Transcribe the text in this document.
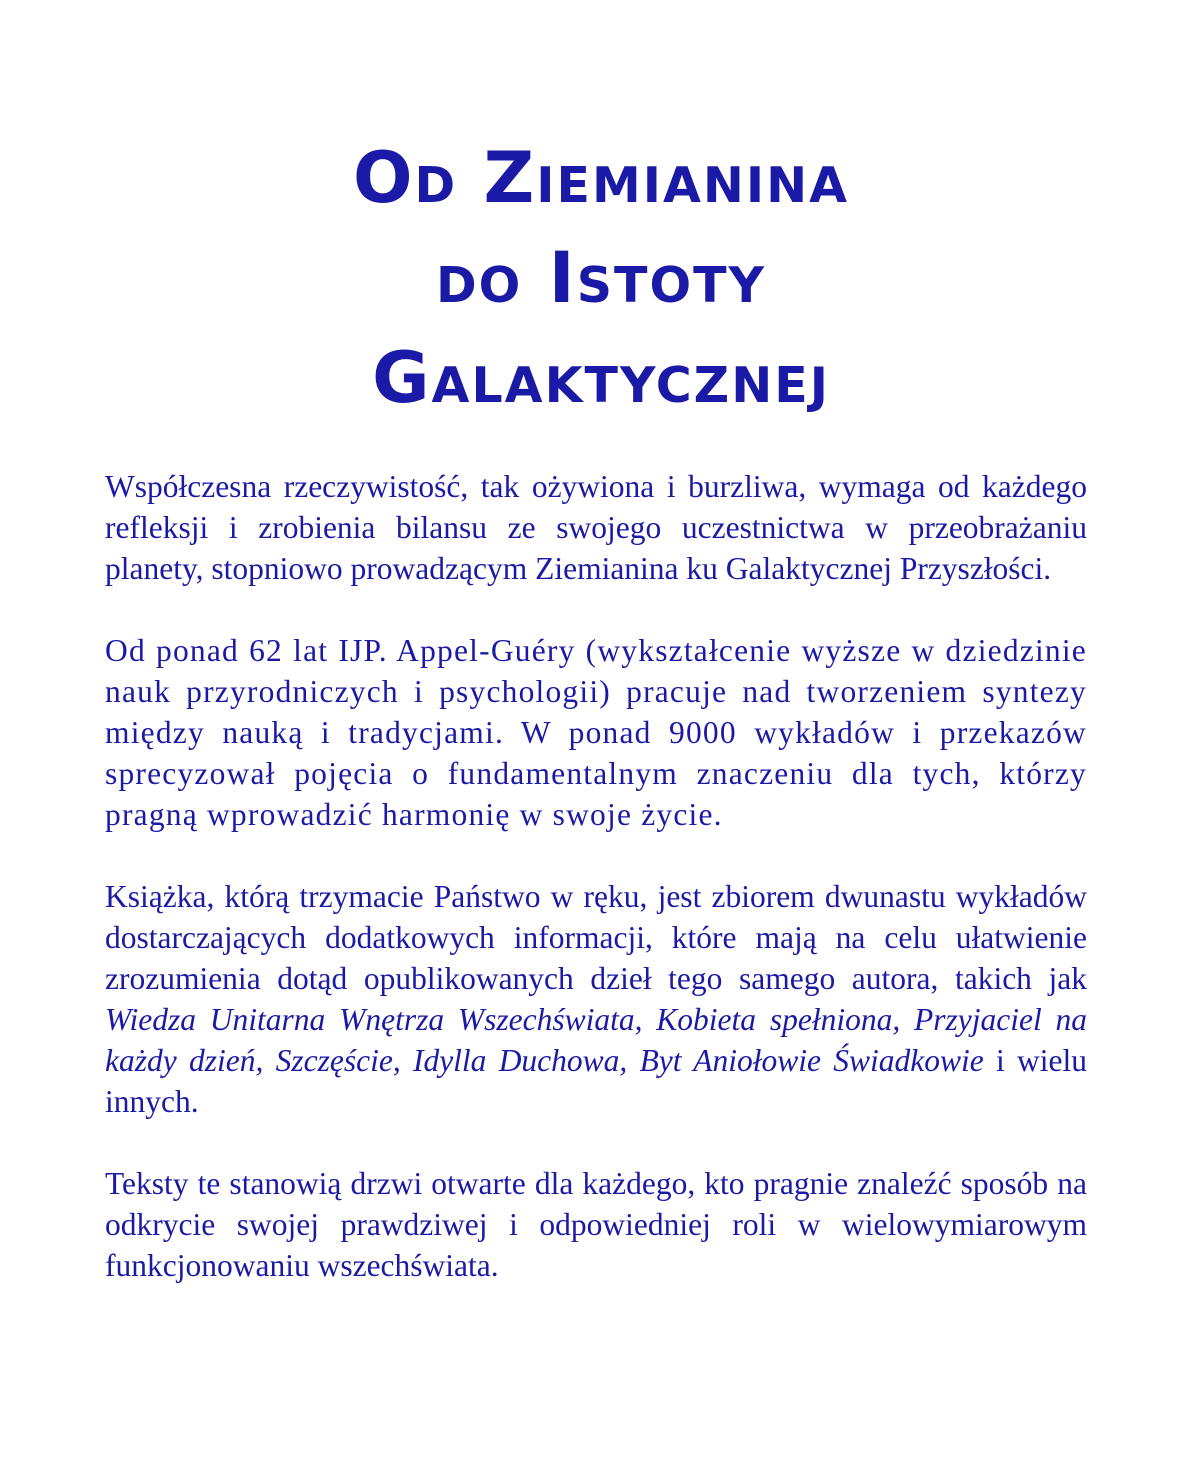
Od Ziemianina
do Istoty
Galaktycznej

Współczesna rzeczywistość, tak ożywiona i burzliwa, wymaga od każdego refleksji i zrobienia bilansu ze swojego uczestnictwa w przeobrażaniu planety, stopniowo prowadzącym Ziemianina ku Galaktycznej Przyszłości.

Od ponad 62 lat IJP. Appel-Guéry (wykształcenie wyższe w dziedzinie nauk przyrodniczych i psychologii) pracuje nad tworzeniem syntezy między nauką i tradycjami. W ponad 9000 wykładów i przekazów sprecyzował pojęcia o fundamentalnym znaczeniu dla tych, którzy pragną wprowadzić harmonię w swoje życie.

Książka, którą trzymacie Państwo w ręku, jest zbiorem dwunastu wykładów dostarczających dodatkowych informacji, które mają na celu ułatwienie zrozumienia dotąd opublikowanych dzieł tego samego autora, takich jak Wiedza Unitarna Wnętrza Wszechświata, Kobieta spełniona, Przyjaciel na każdy dzień, Szczęście, Idylla Duchowa, Byt Aniołowie Świadkowie i wielu innych.

Teksty te stanowią drzwi otwarte dla każdego, kto pragnie znaleźć sposób na odkrycie swojej prawdziwej i odpowiedniej roli w wielowymiarowym funkcjonowaniu wszechświata.
